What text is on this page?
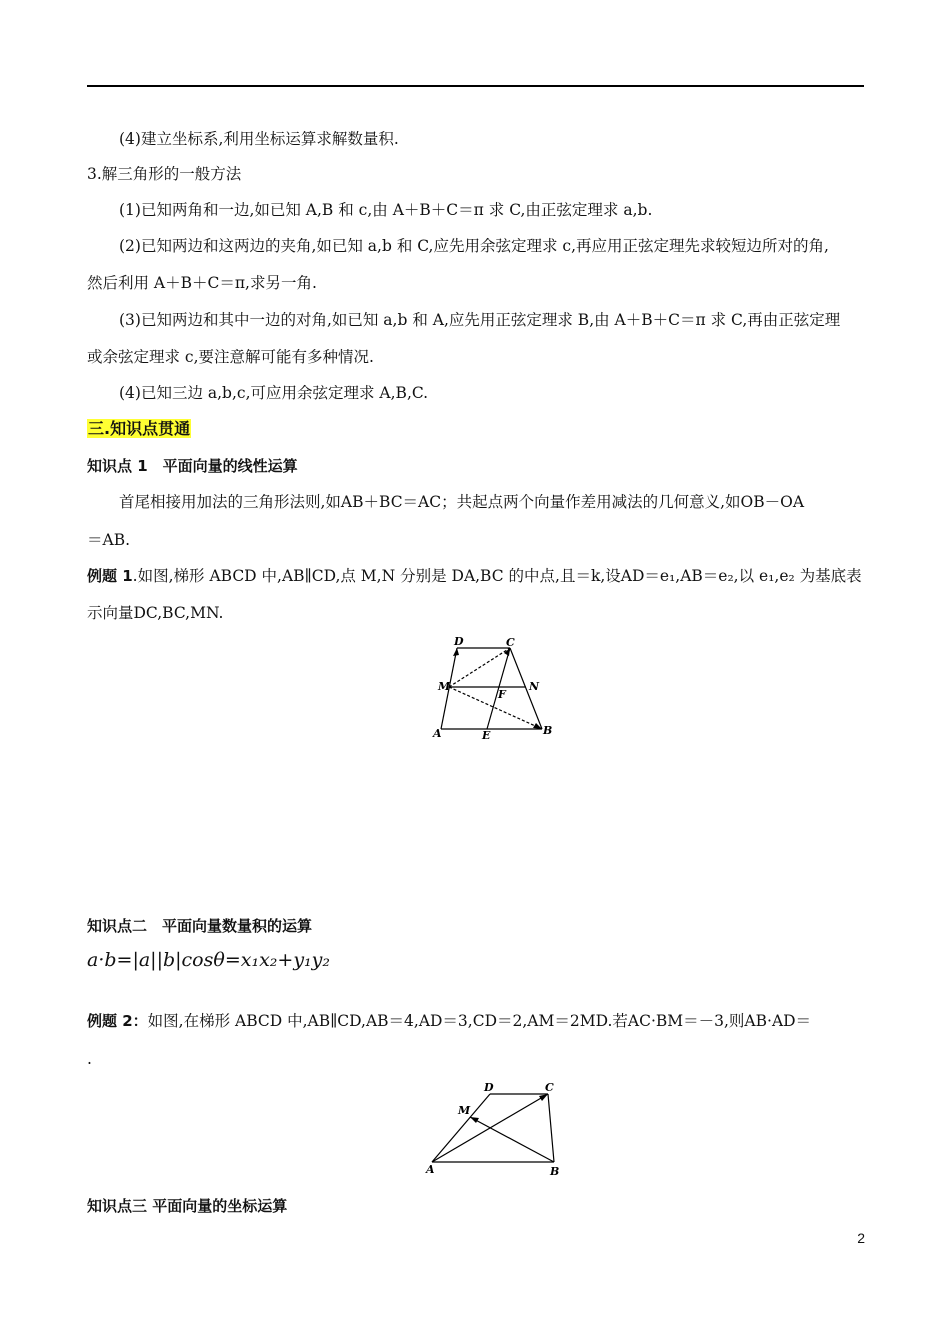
(4)建立坐标系,利用坐标运算求解数量积.
3.解三角形的一般方法
(1)已知两角和一边,如已知 A,B 和 c,由 A＋B＋C＝π 求 C,由正弦定理求 a,b.
(2)已知两边和这两边的夹角,如已知 a,b 和 C,应先用余弦定理求 c,再应用正弦定理先求较短边所对的角,
然后利用 A＋B＋C＝π,求另一角.
(3)已知两边和其中一边的对角,如已知 a,b 和 A,应先用正弦定理求 B,由 A＋B＋C＝π 求 C,再由正弦定理
或余弦定理求 c,要注意解可能有多种情况.
(4)已知三边 a,b,c,可应用余弦定理求 A,B,C.
三.知识点贯通
知识点 1　平面向量的线性运算
首尾相接用加法的三角形法则,如AB＋BC＝AC；共起点两个向量作差用减法的几何意义,如OB－OA
＝AB.
例题 1.如图,梯形 ABCD 中,AB∥CD,点 M,N 分别是 DA,BC 的中点,且＝k,设AD＝e₁,AB＝e₂,以 e₁,e₂ 为基底表
示向量DC,BC,MN.
D	C
M	N
F
A	E	B
知识点二　平面向量数量积的运算
a·b=|a||b|cosθ=x₁x₂+y₁y₂
例题 2：如图,在梯形 ABCD 中,AB∥CD,AB＝4,AD＝3,CD＝2,AM＝2MD.若AC·BM＝－3,则AB·AD＝
.
D	C
M
A	B
知识点三 平面向量的坐标运算
2
